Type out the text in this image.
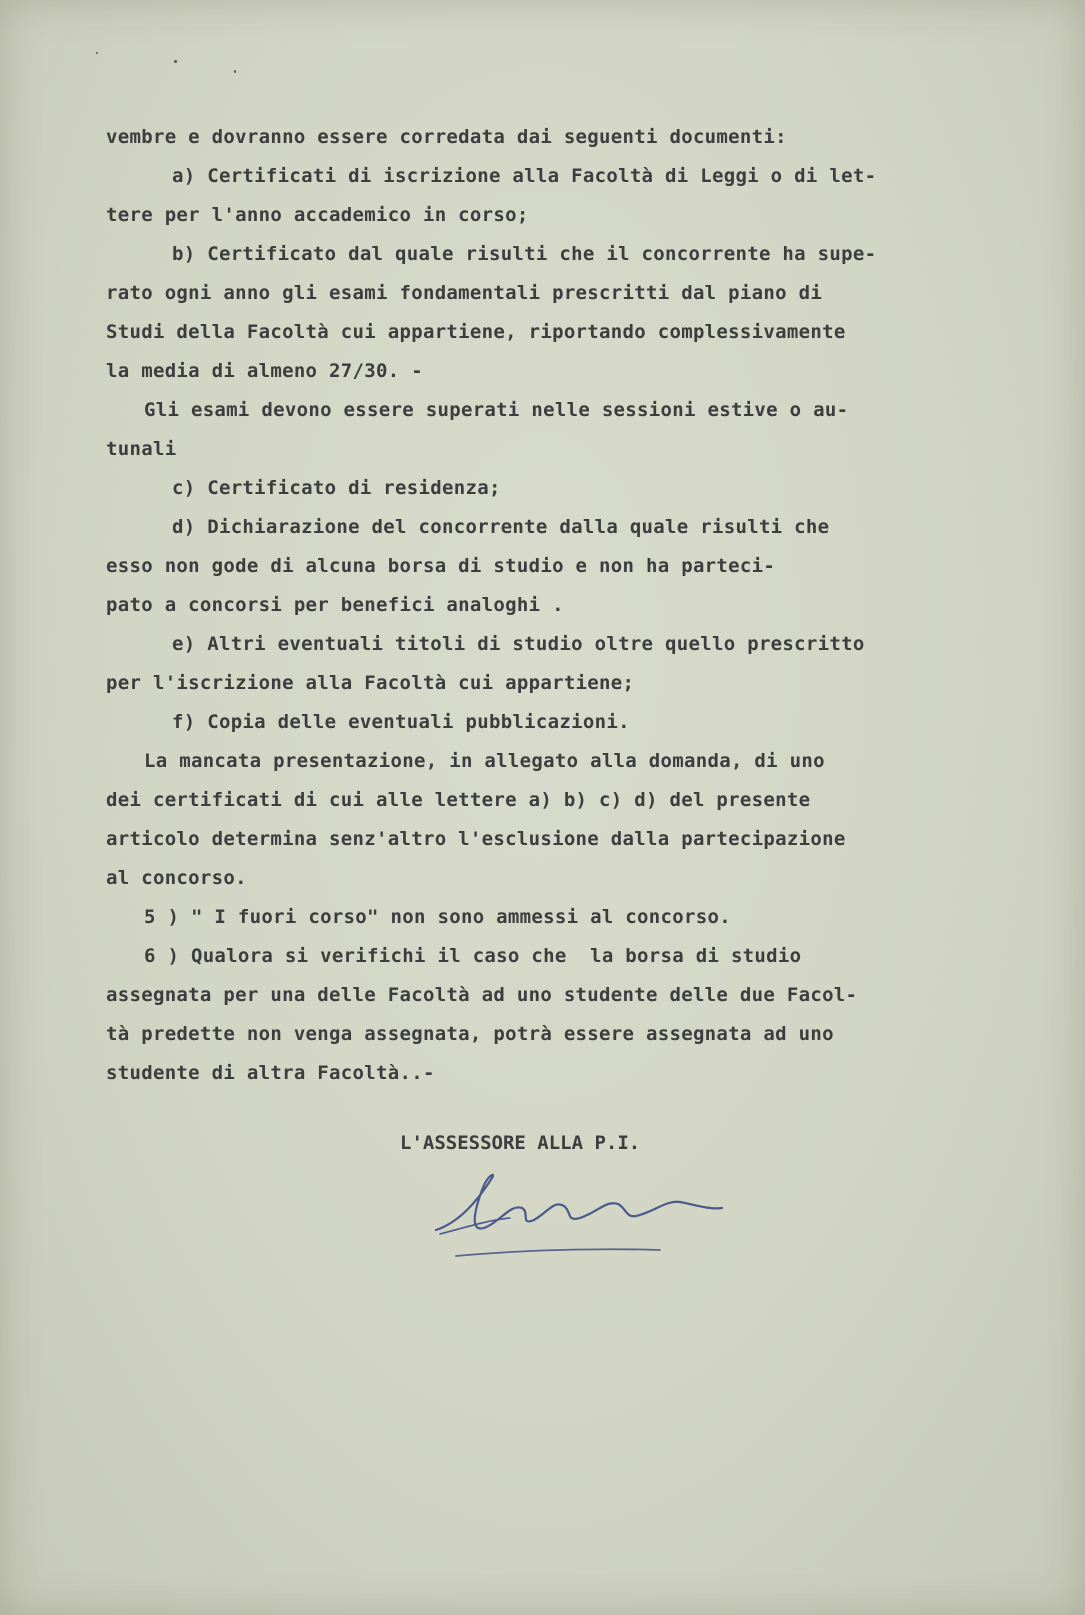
vembre e dovranno essere corredata dai seguenti documenti:
a) Certificati di iscrizione alla Facoltà di Leggi o di let-
tere per l'anno accademico in corso;
b) Certificato dal quale risulti che il concorrente ha supe-
rato ogni anno gli esami fondamentali prescritti dal piano di
Studi della Facoltà cui appartiene, riportando complessivamente
la media di almeno 27/30. -
Gli esami devono essere superati nelle sessioni estive o au-
tunali
c) Certificato di residenza;
d) Dichiarazione del concorrente dalla quale risulti che
esso non gode di alcuna borsa di studio e non ha parteci-
pato a concorsi per benefici analoghi .
e) Altri eventuali titoli di studio oltre quello prescritto
per l'iscrizione alla Facoltà cui appartiene;
f) Copia delle eventuali pubblicazioni.
La mancata presentazione, in allegato alla domanda, di uno
dei certificati di cui alle lettere a) b) c) d) del presente
articolo determina senz'altro l'esclusione dalla partecipazione
al concorso.
5 ) " I fuori corso" non sono ammessi al concorso.
6 ) Qualora si verifichi il caso che  la borsa di studio
assegnata per una delle Facoltà ad uno studente delle due Facol-
tà predette non venga assegnata, potrà essere assegnata ad uno
studente di altra Facoltà..-
L'ASSESSORE ALLA P.I.
